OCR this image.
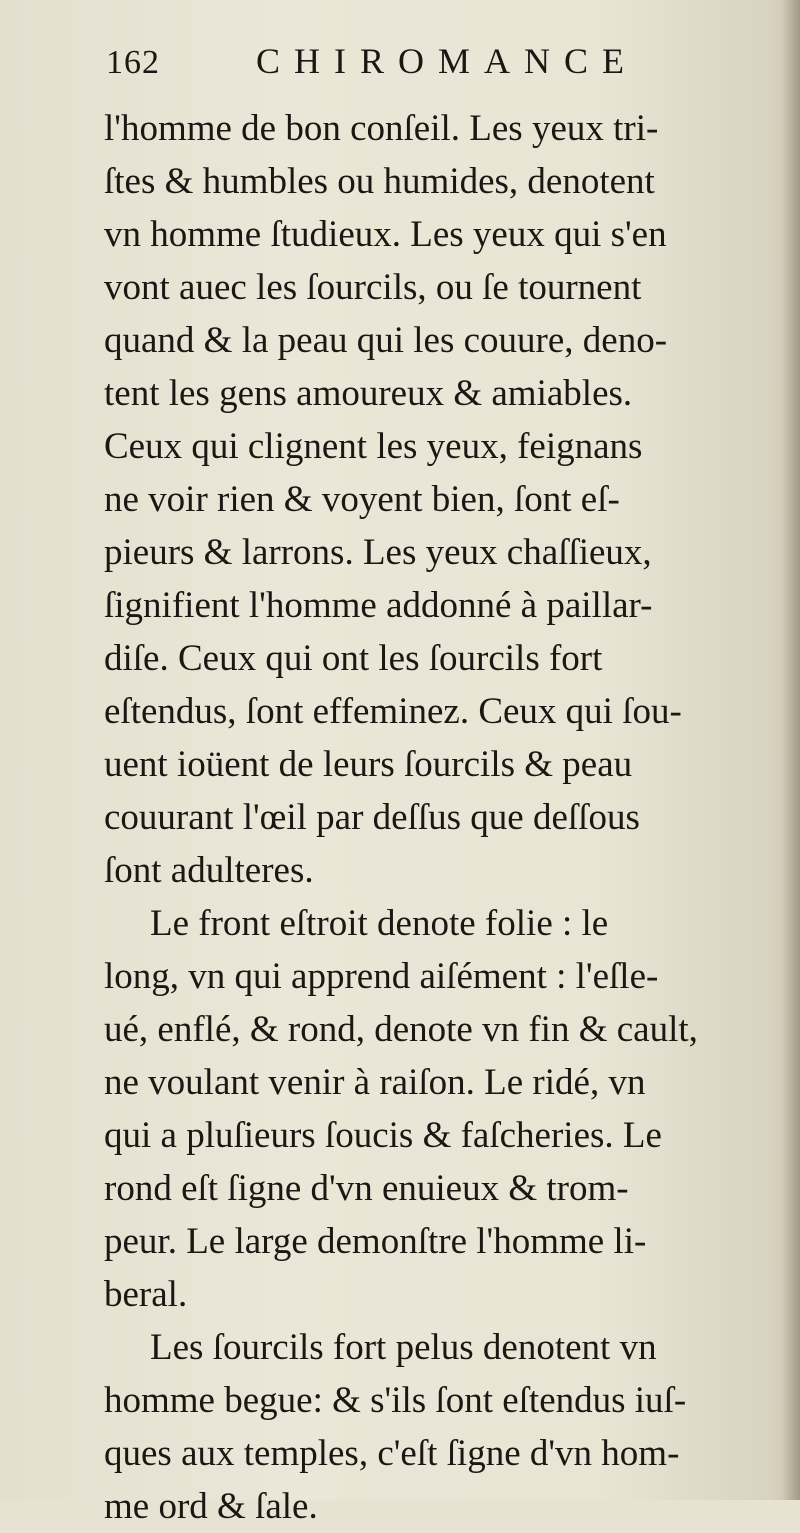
162	CHIROMANCE
l'homme de bon conſeil. Les yeux tri-
ſtes & humbles ou humides, denotent
vn homme ſtudieux. Les yeux qui s'en
vont auec les ſourcils, ou ſe tournent
quand & la peau qui les couure, deno-
tent les gens amoureux & amiables.
Ceux qui clignent les yeux, feignans
ne voir rien & voyent bien, ſont eſ-
pieurs & larrons. Les yeux chaſſieux,
ſignifient l'homme addonné à paillar-
diſe. Ceux qui ont les ſourcils fort
eſtendus, ſont effeminez. Ceux qui ſou-
uent ioüent de leurs ſourcils & peau
couurant l'œil par deſſus que deſſous
ſont adulteres.
Le front eſtroit denote folie : le
long, vn qui apprend aiſément : l'eſle-
ué, enflé, & rond, denote vn fin & cault,
ne voulant venir à raiſon. Le ridé, vn
qui a pluſieurs ſoucis & faſcheries. Le
rond eſt ſigne d'vn enuieux & trom-
peur. Le large demonſtre l'homme li-
beral.
Les ſourcils fort pelus denotent vn
homme begue: & s'ils ſont eſtendus iuſ-
ques aux temples, c'eſt ſigne d'vn hom-
me ord & ſale.
